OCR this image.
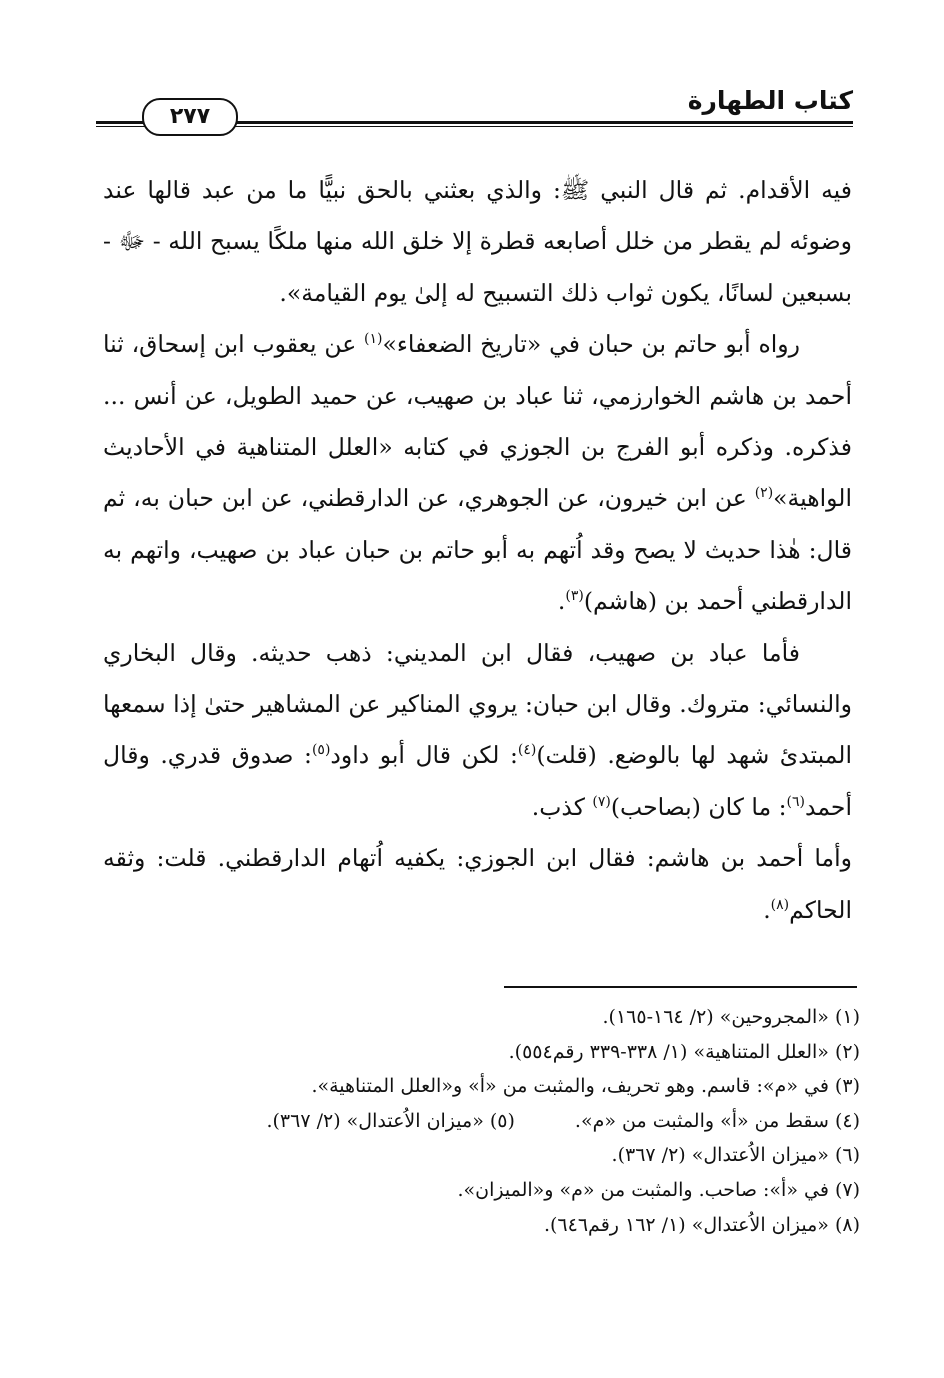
كتاب الطهارة
٢٧٧

فيه الأقدام. ثم قال النبي ﷺ: والذي بعثني بالحق نبيًّا ما من عبد قالها عند وضوئه لم يقطر من خلل أصابعه قطرة إلا خلق الله منها ملكًا يسبح الله - ﷻ - بسبعين لسانًا، يكون ثواب ذلك التسبيح له إلىٰ يوم القيامة».

رواه أبو حاتم بن حبان في «تاريخ الضعفاء»$^{(١)}$ عن يعقوب ابن إسحاق، ثنا أحمد بن هاشم الخوارزمي، ثنا عباد بن صهيب، عن حميد الطويل، عن أنس ... فذكره. وذكره أبو الفرج بن الجوزي في كتابه «العلل المتناهية في الأحاديث الواهية»$^{(٢)}$ عن ابن خيرون، عن الجوهري، عن الدارقطني، عن ابن حبان به، ثم قال: هٰذا حديث لا يصح وقد اُتهم به أبو حاتم بن حبان عباد بن صهيب، واتهم به الدارقطني أحمد بن (هاشم)$^{(٣)}$.

فأما عباد بن صهيب، فقال ابن المديني: ذهب حديثه. وقال البخاري والنسائي: متروك. وقال ابن حبان: يروي المناكير عن المشاهير حتىٰ إذا سمعها المبتدئ شهد لها بالوضع. (قلت)$^{(٤)}$: لكن قال أبو داود$^{(٥)}$: صدوق قدري. وقال أحمد$^{(٦)}$: ما كان (بصاحب)$^{(٧)}$ كذب.

وأما أحمد بن هاشم: فقال ابن الجوزي: يكفيه اُتهام الدارقطني. قلت: وثقه الحاكم$^{(٨)}$.

(١) «المجروحين» (٢/ ١٦٤-١٦٥).
(٢) «العلل المتناهية» (١/ ٣٣٨-٣٣٩ رقم٥٥٤).
(٣) في «م»: قاسم. وهو تحريف، والمثبت من «أ» و«العلل المتناهية».
(٤) سقط من «أ» والمثبت من «م».(٥) «ميزان الاُعتدال» (٢/ ٣٦٧).
(٦) «ميزان الاُعتدال» (٢/ ٣٦٧).
(٧) في «أ»: صاحب. والمثبت من «م» و«الميزان».
(٨) «ميزان الاُعتدال» (١/ ١٦٢ رقم٦٤٦).
